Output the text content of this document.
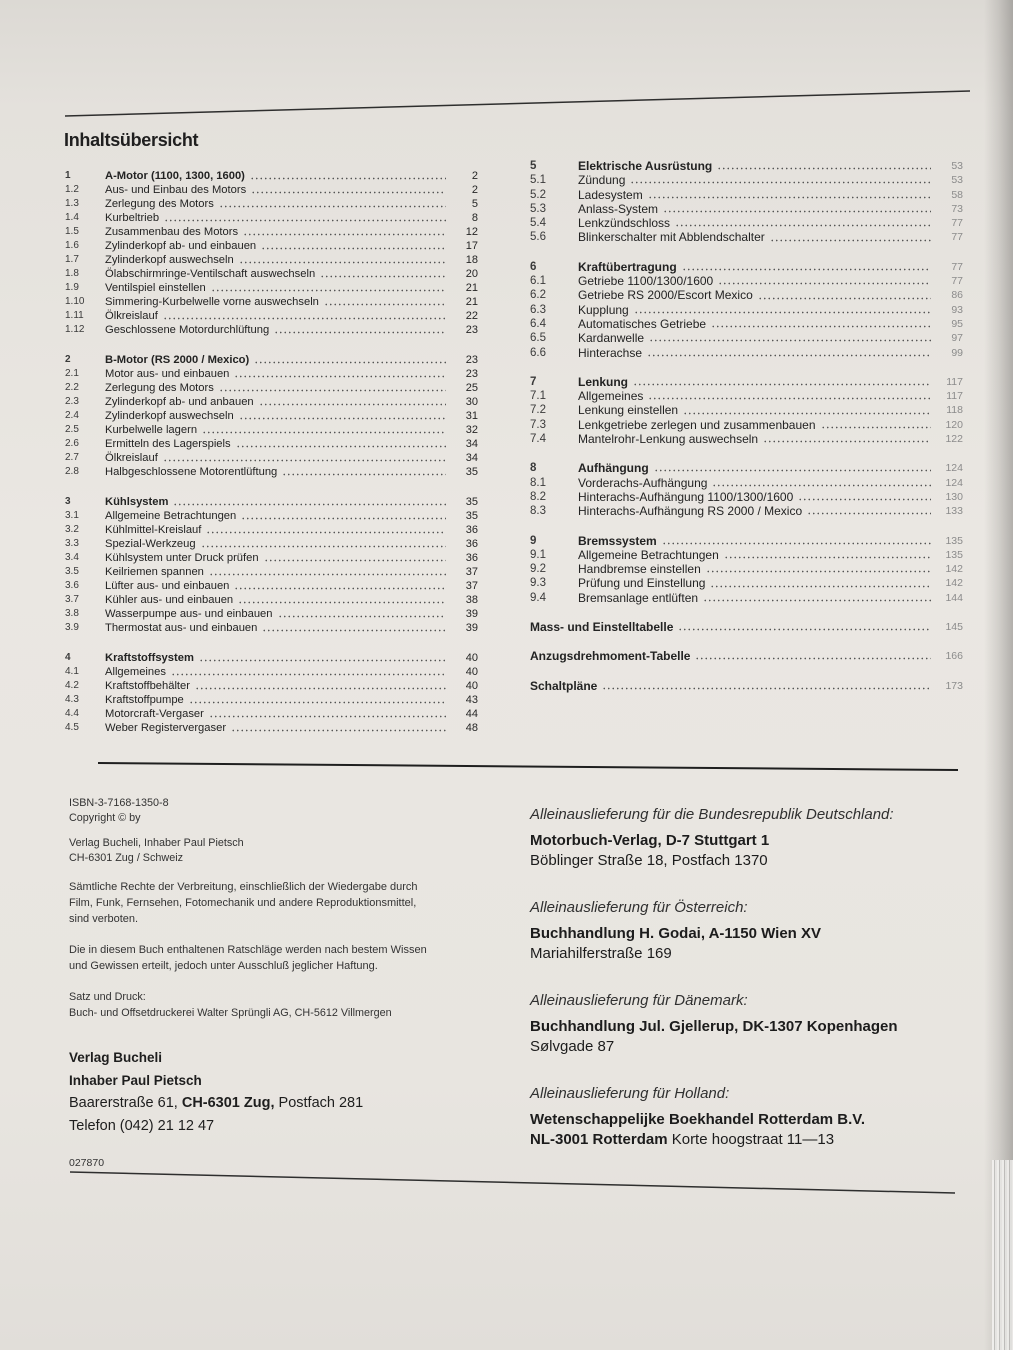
Inhaltsübersicht
1	A-Motor (1100, 1300, 1600)	2
1.2	Aus- und Einbau des Motors	2
1.3	Zerlegung des Motors	5
1.4	Kurbeltrieb	8
1.5	Zusammenbau des Motors	12
1.6	Zylinderkopf ab- und einbauen	17
1.7	Zylinderkopf auswechseln	18
1.8	Ölabschirmringe-Ventilschaft auswechseln	20
1.9	Ventilspiel einstellen	21
1.10	Simmering-Kurbelwelle vorne auswechseln	21
1.11	Ölkreislauf	22
1.12	Geschlossene Motordurchlüftung	23
2	B-Motor (RS 2000 / Mexico)	23
2.1	Motor aus- und einbauen	23
2.2	Zerlegung des Motors	25
2.3	Zylinderkopf ab- und anbauen	30
2.4	Zylinderkopf auswechseln	31
2.5	Kurbelwelle lagern	32
2.6	Ermitteln des Lagerspiels	34
2.7	Ölkreislauf	34
2.8	Halbgeschlossene Motorentlüftung	35
3	Kühlsystem	35
3.1	Allgemeine Betrachtungen	35
3.2	Kühlmittel-Kreislauf	36
3.3	Spezial-Werkzeug	36
3.4	Kühlsystem unter Druck prüfen	36
3.5	Keilriemen spannen	37
3.6	Lüfter aus- und einbauen	37
3.7	Kühler aus- und einbauen	38
3.8	Wasserpumpe aus- und einbauen	39
3.9	Thermostat aus- und einbauen	39
4	Kraftstoffsystem	40
4.1	Allgemeines	40
4.2	Kraftstoffbehälter	40
4.3	Kraftstoffpumpe	43
4.4	Motorcraft-Vergaser	44
4.5	Weber Registervergaser	48
5	Elektrische Ausrüstung	53
5.1	Zündung	53
5.2	Ladesystem	58
5.3	Anlass-System	73
5.4	Lenkzündschloss	77
5.6	Blinkerschalter mit Abblendschalter	77
6	Kraftübertragung	77
6.1	Getriebe 1100/1300/1600	77
6.2	Getriebe RS 2000/Escort Mexico	86
6.3	Kupplung	93
6.4	Automatisches Getriebe	95
6.5	Kardanwelle	97
6.6	Hinterachse	99
7	Lenkung	117
7.1	Allgemeines	117
7.2	Lenkung einstellen	118
7.3	Lenkgetriebe zerlegen und zusammenbauen	120
7.4	Mantelrohr-Lenkung auswechseln	122
8	Aufhängung	124
8.1	Vorderachs-Aufhängung	124
8.2	Hinterachs-Aufhängung 1100/1300/1600	130
8.3	Hinterachs-Aufhängung RS 2000 / Mexico	133
9	Bremssystem	135
9.1	Allgemeine Betrachtungen	135
9.2	Handbremse einstellen	142
9.3	Prüfung und Einstellung	142
9.4	Bremsanlage entlüften	144
Mass- und Einstelltabelle	145
Anzugsdrehmoment-Tabelle	166
Schaltpläne	173
ISBN-3-7168-1350-8
Copyright © by
Verlag Bucheli, Inhaber Paul Pietsch
CH-6301 Zug / Schweiz
Sämtliche Rechte der Verbreitung, einschließlich der Wiedergabe durch
Film, Funk, Fernsehen, Fotomechanik und andere Reproduktionsmittel,
sind verboten.
Die in diesem Buch enthaltenen Ratschläge werden nach bestem Wissen
und Gewissen erteilt, jedoch unter Ausschluß jeglicher Haftung.
Satz und Druck:
Buch- und Offsetdruckerei Walter Sprüngli AG, CH-5612 Villmergen
Verlag Bucheli
Inhaber Paul Pietsch
Baarerstraße 61, CH-6301 Zug, Postfach 281
Telefon (042) 21 12 47
027870
Alleinauslieferung für die Bundesrepublik Deutschland:
Motorbuch-Verlag, D-7 Stuttgart 1
Böblinger Straße 18, Postfach 1370
Alleinauslieferung für Österreich:
Buchhandlung H. Godai, A-1150 Wien XV
Mariahilferstraße 169
Alleinauslieferung für Dänemark:
Buchhandlung Jul. Gjellerup, DK-1307 Kopenhagen
Sølvgade 87
Alleinauslieferung für Holland:
Wetenschappelijke Boekhandel Rotterdam B.V.
NL-3001 Rotterdam Korte hoogstraat 11—13
